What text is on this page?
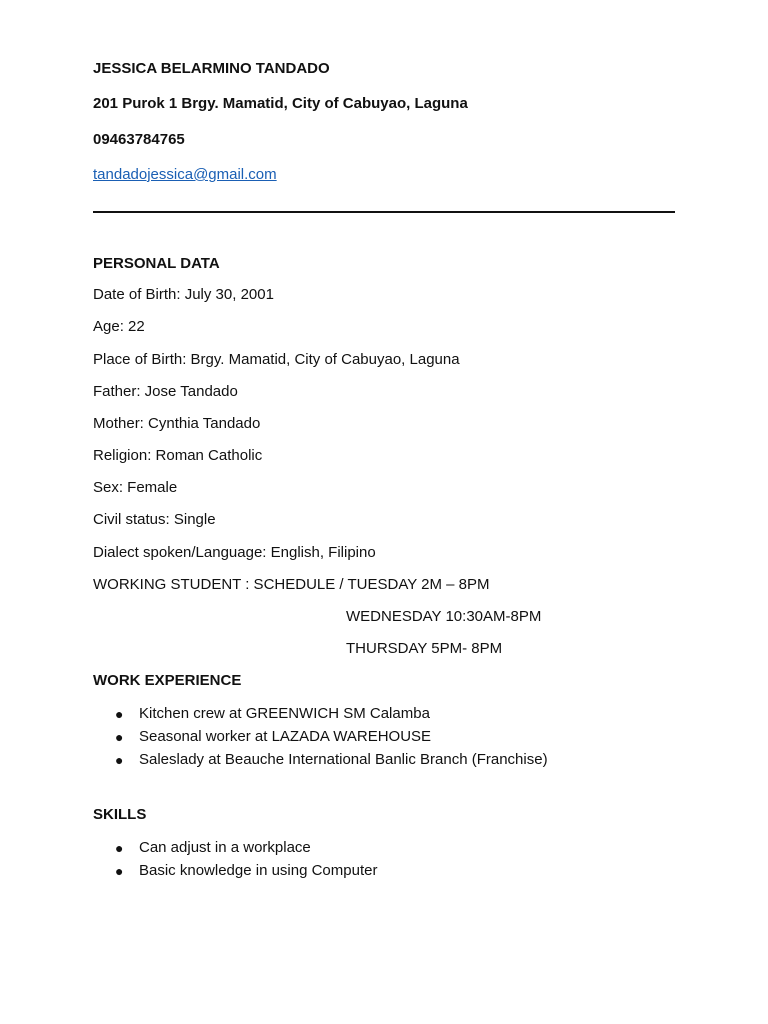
JESSICA BELARMINO TANDADO
201 Purok 1 Brgy. Mamatid, City of Cabuyao, Laguna
09463784765
tandadojessica@gmail.com
PERSONAL DATA
Date of Birth: July 30, 2001
Age: 22
Place of Birth: Brgy. Mamatid, City of Cabuyao, Laguna
Father: Jose Tandado
Mother: Cynthia Tandado
Religion: Roman Catholic
Sex: Female
Civil status: Single
Dialect spoken/Language: English, Filipino
WORKING STUDENT : SCHEDULE / TUESDAY 2M – 8PM
WEDNESDAY 10:30AM-8PM
THURSDAY 5PM- 8PM
WORK EXPERIENCE
● Kitchen crew at GREENWICH SM Calamba
● Seasonal worker at LAZADA WAREHOUSE
● Saleslady at Beauche International Banlic Branch (Franchise)
SKILLS
● Can adjust in a workplace
● Basic knowledge in using Computer
